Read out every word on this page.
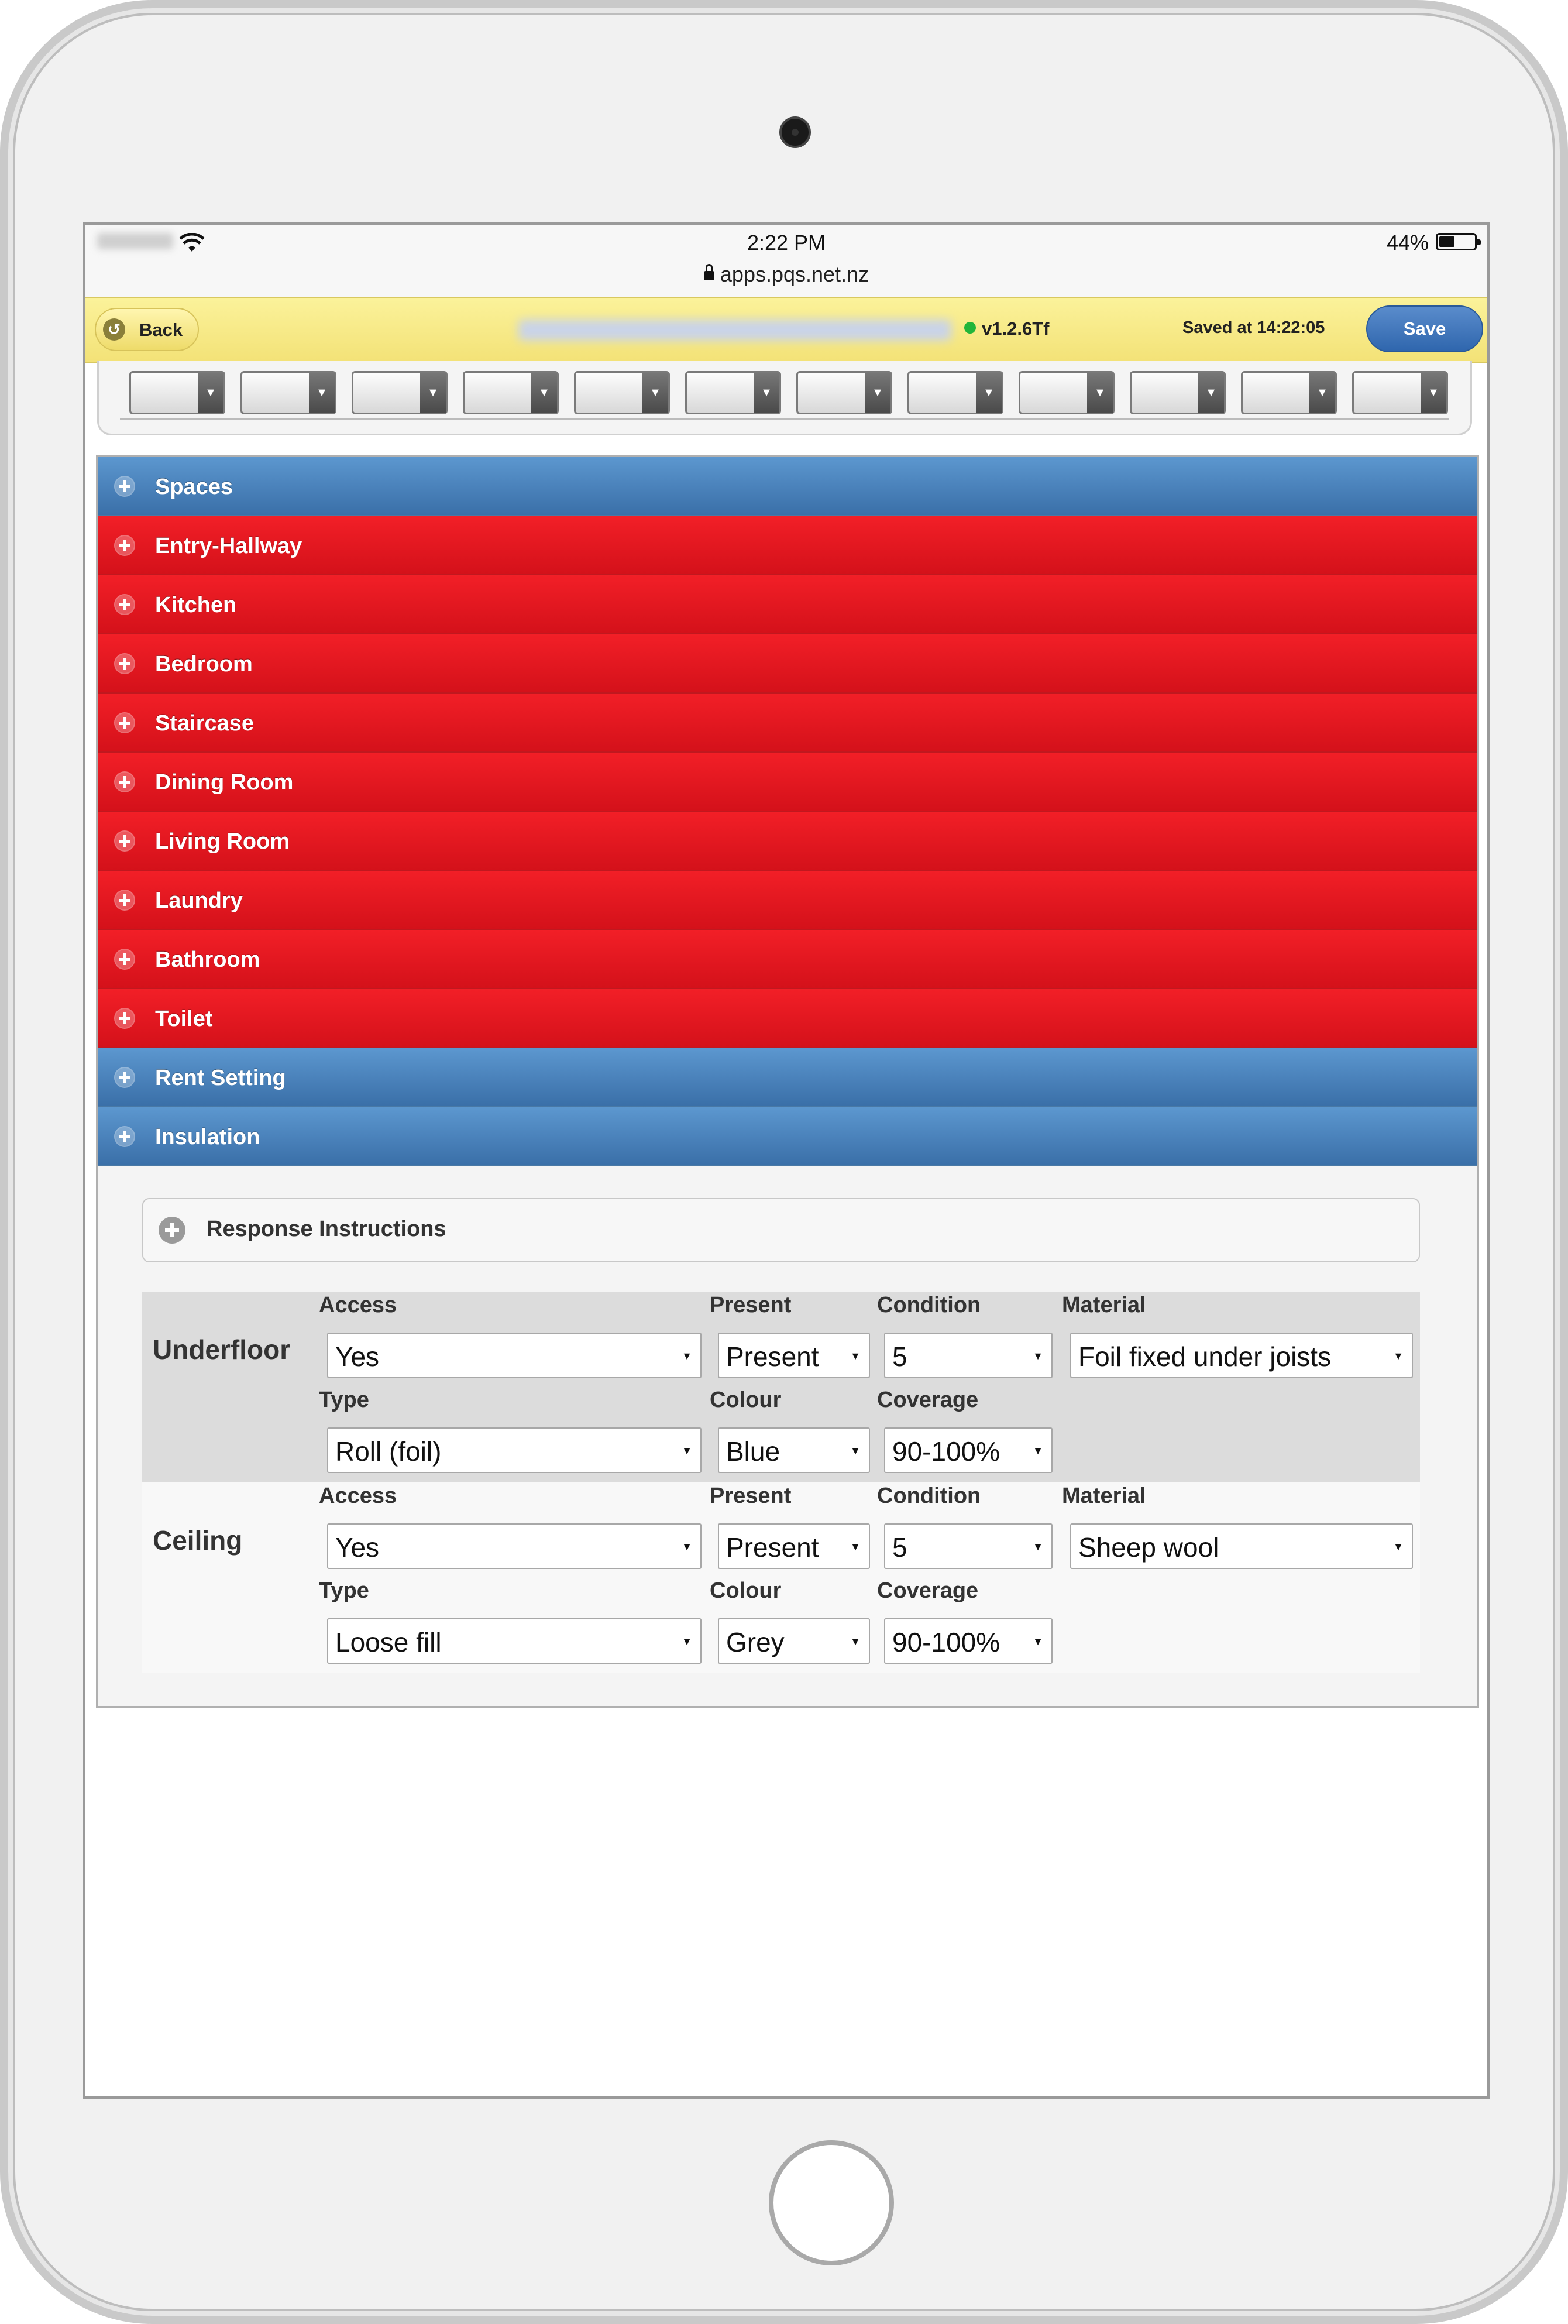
2:22 PM	44%
apps.pqs.net.nz
↺ Back	v1.2.6Tf	Saved at 14:22:05	Save
▼	▼	▼	▼	▼	▼	▼	▼	▼	▼	▼	▼
Spaces
Entry-Hallway
Kitchen
Bedroom
Staircase
Dining Room
Living Room
Laundry
Bathroom
Toilet
Rent Setting
Insulation
Response Instructions
Underfloor
Access	Present	Condition	Material
Yes	▼ Present	▼ 5	▼ Foil fixed under joists	▼
Type	Colour	Coverage
Roll (foil)	▼ Blue	▼ 90-100%	▼
Ceiling
Access	Present	Condition	Material
Yes	▼ Present	▼ 5	▼ Sheep wool	▼
Type	Colour	Coverage
Loose fill	▼ Grey	▼ 90-100%	▼
